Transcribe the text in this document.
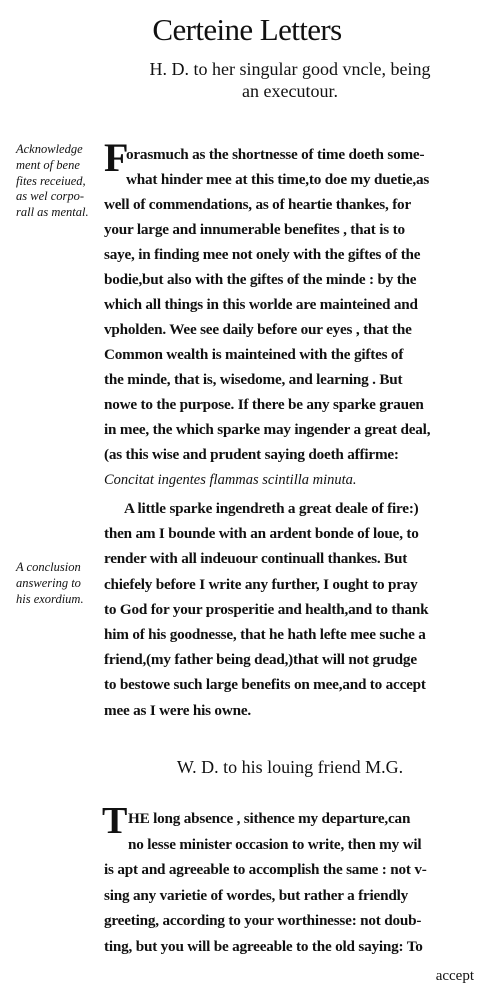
Certeine Letters
H. D. to her singular good vncle, being
an executour.
Acknowledge
ment of bene
fites receiued,
as wel corpo-
rall as mental.
F
orasmuch as the shortnesse of time doeth some-
what hinder mee at this time,to doe my duetie,as
well of commendations, as of heartie thankes, for
your large and innumerable benefites , that is to
saye, in finding mee not onely with the giftes of the
bodie,but also with the giftes of the minde : by the
which all things in this worlde are mainteined and
vpholden. Wee see daily before our eyes , that the
Common wealth is mainteined with the giftes of
the minde, that is, wisedome, and learning . But
nowe to the purpose. If there be any sparke grauen
in mee, the which sparke may ingender a great deal,
(as this wise and prudent saying doeth affirme:
Concitat ingentes flammas scintilla minuta.
A little sparke ingendreth a great deale of fire:)
then am I bounde with an ardent bonde of loue, to
render with all indeuour continuall thankes. But
chiefely before I write any further, I ought to pray
to God for your prosperitie and health,and to thank
him of his goodnesse, that he hath lefte mee suche a
friend,(my father being dead,)that will not grudge
to bestowe such large benefits on mee,and to accept
mee as I were his owne.
A conclusion
answering to
his exordium.
W. D. to his louing friend M.G.
T HE long absence , sithence my departure,can
no lesse minister occasion to write, then my wil
is apt and agreeable to accomplish the same : not v-
sing any varietie of wordes, but rather a friendly
greeting, according to your worthinesse: not doub-
ting, but you will be agreeable to the old saying: To
accept
